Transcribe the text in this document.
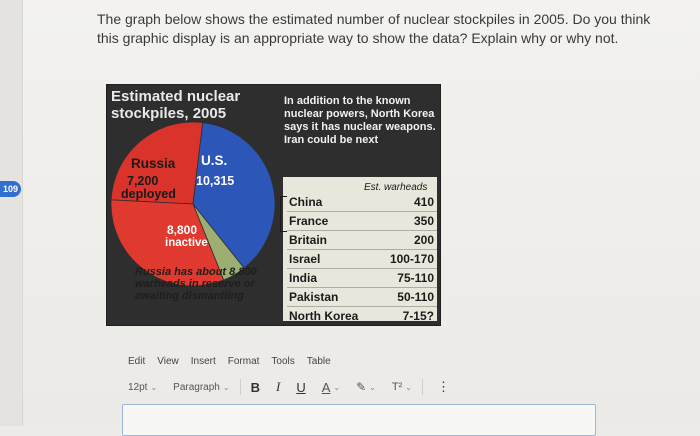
109
The graph below shows the estimated number of nuclear stockpiles in 2005. Do you think this graphic display is an appropriate way to show the data? Explain why or why not.
Estimated nuclear stockpiles, 2005
In addition to the known nuclear powers, North Korea says it has nuclear weapons. Iran could be next
Russia
7,200
deployed
U.S.
10,315
8,800
inactive
Russia has about 8,800 warheads in reserve or awaiting dismantling
Est. warheads
China	410
France	350
Britain	200
Israel	100-170
India	75-110
Pakistan	50-110
North Korea	7-15?
Edit View Insert Format Tools Table
12pt ⌄ Paragraph ⌄ B I U A ⌄ ✎ ⌄ T² ⌄ ⋮
